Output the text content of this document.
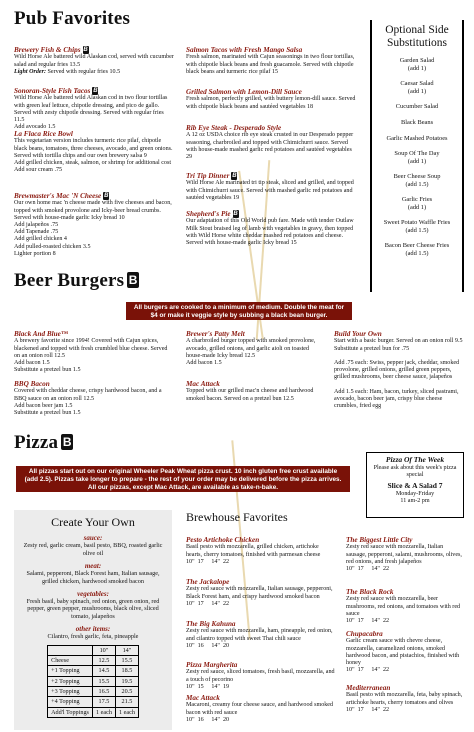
Pub Favorites
Brewery Fish & Chips B
Wild Horse Ale battered wild Alaskan cod, served with cucumber salad and regular fries 13.5
Light Order: Served with regular fries 10.5
Sonoran-Style Fish Tacos B
Wild Horse Ale battered wild Alaskan cod in two flour tortillas with green leaf lettuce, chipotle dressing, and pico de gallo. Served with zesty chipotle dressing. Served with regular fries 11.5
Add avocado 1.5
La Flaca Rice Bowl
This vegetarian version includes turmeric rice pilaf, chipotle black beans, tomatoes, three cheeses, avocado, and green onions. Served with tortilla chips and our own brewery salsa 9
Add grilled chicken, steak, salmon, or shrimp for additional cost
Add sour cream .75
Brewmaster's Mac 'N Cheese B
Our own home mac 'n cheese made with five cheeses and bacon, topped with smoked provolone and Icky-beer bread crumbs. Served with house-made garlic Icky bread 10
Add jalapeños .75
Add Tapenade .75
Add grilled chicken 4
Add pulled-roasted chicken 3.5
Lighter portion 8
Salmon Tacos with Fresh Mango Salsa
Fresh salmon, marinated with Cajun seasonings in two flour tortillas, with chipotle black beans and fresh guacamole. Served with chipotle black beans and turmeric rice pilaf 15
Grilled Salmon with Lemon-Dill Sauce
Fresh salmon, perfectly grilled, with buttery lemon-dill sauce. Served with chipotle black beans and sautéed vegetables 18
Rib Eye Steak - Desperado Style
A 12 oz USDA choice rib eye steak crusted in our Desperado pepper seasoning, charbroiled and topped with Chimichurri sauce. Served with house-made mashed garlic red potatoes and sautéed vegetables 29
Tri Tip Dinner B
Wild Horse Ale marinated tri tip steak, sliced and grilled, and topped with Chimichurri sauce. Served with mashed garlic red potatoes and sautéed vegetables 19
Shepherd's Pie B
Our adaptation of this Old World pub fare. Made with tender Outlaw Milk Stout braised leg of lamb with vegetables in gravy, then topped with Wild Horse white cheddar mashed red potatoes and cheese. Served with house-made garlic Icky bread 15
Optional Side Substitutions
Garden Salad
(add 1)
Caesar Salad
(add 1)
Cucumber Salad
Black Beans
Garlic Mashed Potatoes
Soup Of The Day
(add 1)
Beer Cheese Soup
(add 1.5)
Garlic Fries
(add 1)
Sweet Potato Waffle Fries
(add 1.5)
Bacon Beer Cheese Fries
(add 1.5)
Beer Burgers B
All burgers are cooked to a minimum of medium. Double the meat for $4 or make it veggie style by subbing a black bean burger.
Black And Blue™
A brewery favorite since 1994! Covered with Cajun spices, blackened and topped with fresh crumbled blue cheese. Served on an onion roll 12.5
Add bacon 1.5
Substitute a pretzel bun 1.5
BBQ Bacon
Covered with cheddar cheese, crispy hardwood bacon, and a BBQ sauce on an onion roll 12.5
Add bacon beer jam 1.5
Substitute a pretzel bun 1.5
Brewer's Patty Melt
A charbroiled burger topped with smoked provolone, avocado, grilled onions, and garlic aioli on toasted house-made Icky bread 12.5
Add bacon 1.5
Mac Attack
Topped with our grilled mac'n cheese and hardwood smoked bacon. Served on a pretzel bun 12.5
Build Your Own
Start with a basic burger. Served on an onion roll 9.5
Substitute a pretzel bun for .75

Add .75 each: Swiss, pepper jack, cheddar, smoked provolone, grilled onions, grilled green peppers, grilled mushrooms, beer cheese sauce, jalapeños

Add 1.5 each: Ham, bacon, turkey, sliced pastrami, avocado, bacon beer jam, crispy blue cheese crumbles, fried egg
Pizza B
All pizzas start out on our original Wheeler Peak Wheat pizza crust. 10 inch gluten free crust available (add 2.5). Pizzas take longer to prepare - the rest of your order may be delivered before the pizza arrives. All our pizzas, except Mac Attack, are available as take-n-bake.
Pizza Of The Week
Please ask about this week's pizza special
Slice & A Salad 7
Monday-Friday
11 am-2 pm
Create Your Own
sauce:
Zesty red, garlic cream, basil pesto, BBQ, roasted garlic olive oil
meat:
Salami, pepperoni, Black Forest ham, Italian sausage, grilled chicken, hardwood smoked bacon
vegetables:
Fresh basil, baby spinach, red onion, green onion, red pepper, green pepper, mushrooms, black olive, sliced tomato, jalapeños
other items:
Cilantro, fresh garlic, feta, pineapple
	10"	14"
Cheese	12.5	15.5
+1 Topping	14.5	18.5
+2 Topping	15.5	19.5
+3 Topping	16.5	20.5
+4 Topping	17.5	21.5
Add'l Toppings	1 each	1 each
Brewhouse Favorites
Pesto Artichoke Chicken
Basil pesto with mozzarella, grilled chicken, artichoke hearts, cherry tomatoes, finished with parmesan cheese
10"  17     14"  22
The Jackalope
Zesty red sauce with mozzarella, Italian sausage, pepperoni, Black Forest ham, and crispy hardwood smoked bacon
10"  17     14"  22
The Big Kahuna
Zesty red sauce with mozzarella, ham, pineapple, red onion, and cilantro topped with sweet Thai chili sauce
10"  16     14"  20
Pizza Margherita
Zesty red sauce, sliced tomatoes, fresh basil, mozzarella, and a touch of pecorino
10"  15     14"  19
Mac Attack
Macaroni, creamy four cheese sauce, and hardwood smoked bacon with red sauce
10"  16     14"  20
The Biggest Little City
Zesty red sauce with mozzarella, Italian sausage, pepperoni, salami, mushrooms, olives, red onions, and fresh jalapeños
10"  17     14"  22
The Black Rock
Zesty red sauce with mozzarella, beer mushrooms, red onions, and tomatoes with red sauce
10"  17     14"  22
Chupacabra
Garlic cream sauce with chevre cheese, mozzarella, caramelized onions, smoked hardwood bacon, and pistachios, finished with honey
10"  17     14"  22
Mediterranean
Basil pesto with mozzarella, feta, baby spinach, artichoke hearts, cherry tomatoes and olives
10"  17     14"  22
